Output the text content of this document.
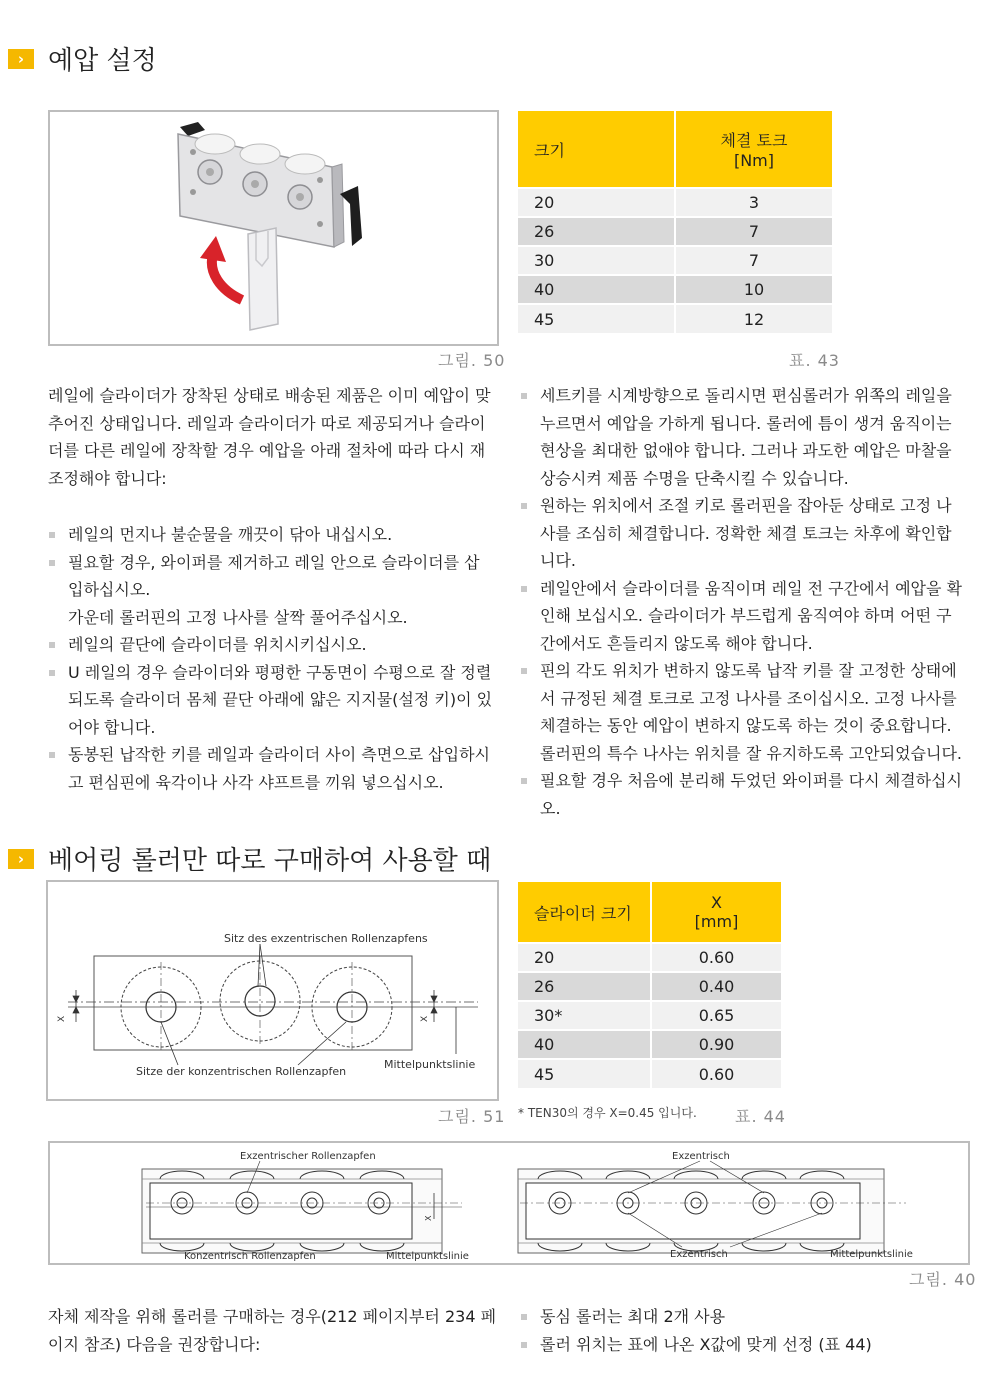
› 예압 설정
그림. 50
크기	체결 토크
[Nm]
20	3
26	7
30	7
40	10
45	12
표. 43
레일에 슬라이더가 장착된 상태로 배송된 제품은 이미 예압이 맞
추어진 상태입니다. 레일과 슬라이더가 따로 제공되거나 슬라이
더를 다른 레일에 장착할 경우 예압을 아래 절차에 따라 다시 재
조정해야 합니다:
레일의 먼지나 불순물을 깨끗이 닦아 내십시오.
필요할 경우, 와이퍼를 제거하고 레일 안으로 슬라이더를 삽
입하십시오.
가운데 롤러핀의 고정 나사를 살짝 풀어주십시오.
레일의 끝단에 슬라이더를 위치시키십시오.
U 레일의 경우 슬라이더와 평평한 구동면이 수평으로 잘 정렬
되도록 슬라이더 몸체 끝단 아래에 얇은 지지물(설정 키)이 있
어야 합니다.
동봉된 납작한 키를 레일과 슬라이더 사이 측면으로 삽입하시
고 편심핀에 육각이나 사각 샤프트를 끼워 넣으십시오.
세트키를 시계방향으로 돌리시면 편심롤러가 위쪽의 레일을
누르면서 예압을 가하게 됩니다. 롤러에 틈이 생겨 움직이는
현상을 최대한 없애야 합니다. 그러나 과도한 예압은 마찰을
상승시켜 제품 수명을 단축시킬 수 있습니다.
원하는 위치에서 조절 키로 롤러핀을 잡아둔 상태로 고정 나
사를 조심히 체결합니다. 정확한 체결 토크는 차후에 확인합
니다.
레일안에서 슬라이더를 움직이며 레일 전 구간에서 예압을 확
인해 보십시오. 슬라이더가 부드럽게 움직여야 하며 어떤 구
간에서도 흔들리지 않도록 해야 합니다.
핀의 각도 위치가 변하지 않도록 납작 키를 잘 고정한 상태에
서 규정된 체결 토크로 고정 나사를 조이십시오. 고정 나사를
체결하는 동안 예압이 변하지 않도록 하는 것이 중요합니다.
롤러핀의 특수 나사는 위치를 잘 유지하도록 고안되었습니다.
필요할 경우 처음에 분리해 두었던 와이퍼를 다시 체결하십시
오.
› 베어링 롤러만 따로 구매하여 사용할 때
X	X
Sitz des exzentrischen Rollenzapfens
Sitze der konzentrischen Rollenzapfen
Mittelpunktslinie
그림. 51
슬라이더 크기	X
[mm]
20	0.60
26	0.40
30*	0.65
40	0.90
45	0.60
* TEN30의 경우 X=0.45 입니다. 표. 44
X
Exzentrischer Rollenzapfen
Konzentrisch Rollenzapfen	Mittelpunktslinie
Exzentrisch
Exzentrisch	Mittelpunktslinie
그림. 40
자체 제작을 위해 롤러를 구매하는 경우(212 페이지부터 234 페
이지 참조) 다음을 권장합니다:
동심 롤러는 최대 2개 사용
롤러 위치는 표에 나온 X값에 맞게 선정 (표 44)
